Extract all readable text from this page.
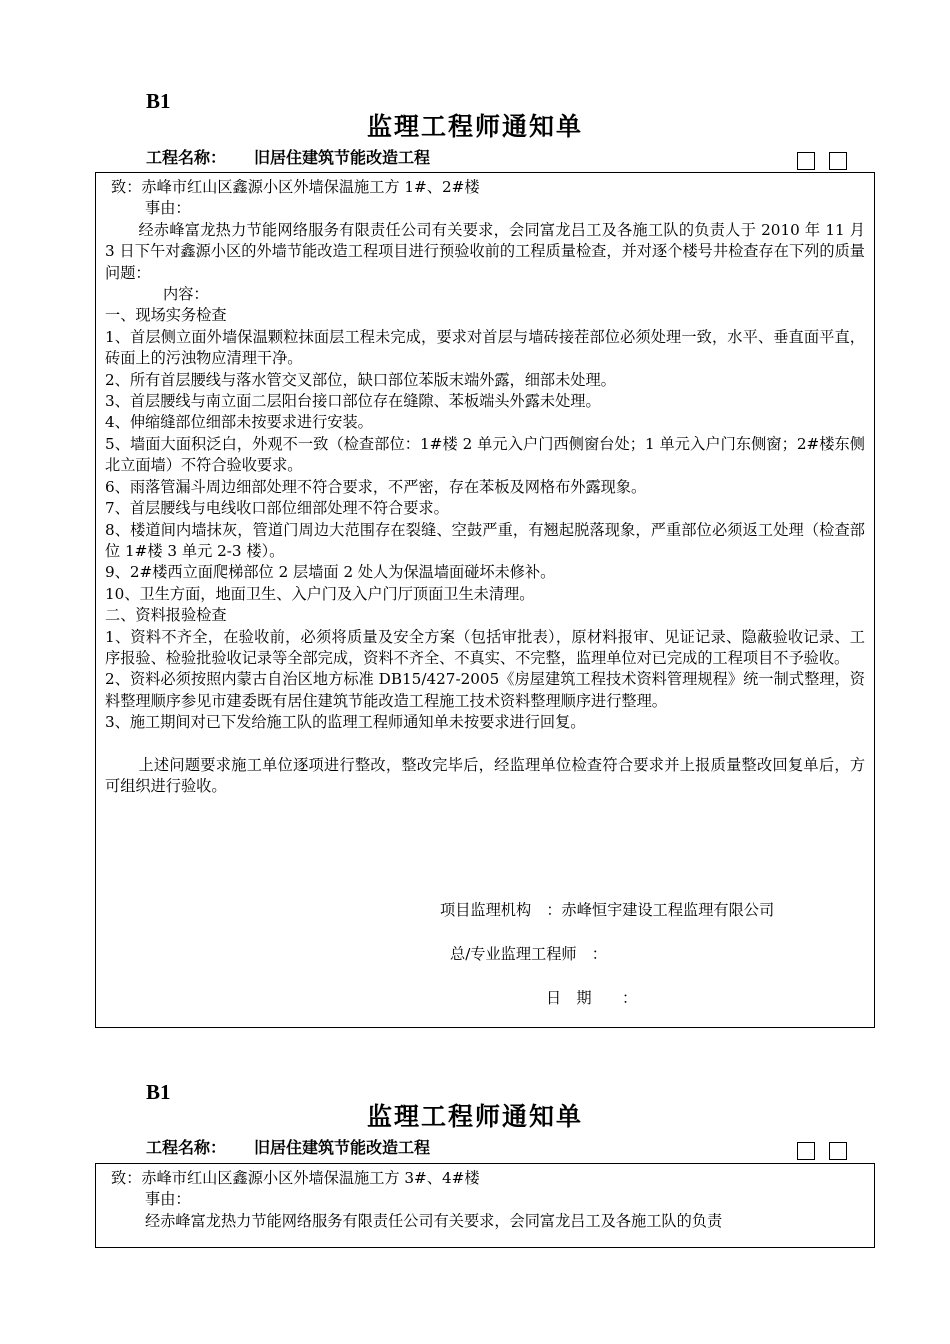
B1
监理工程师通知单
工程名称： 旧居住建筑节能改造工程

致：赤峰市红山区鑫源小区外墙保温施工方 1#、2#楼

事由：

经赤峰富龙热力节能网络服务有限责任公司有关要求，会同富龙吕工及各施工队的负责人于 2010 年 11 月 3 日下午对鑫源小区的外墙节能改造工程项目进行预验收前的工程质量检查，并对逐个楼号井检查存在下列的质量问题：

内容：

一、现场实务检查

1、首层侧立面外墙保温颗粒抹面层工程未完成，要求对首层与墙砖接茬部位必须处理一致，水平、垂直面平直，砖面上的污浊物应清理干净。

2、所有首层腰线与落水管交叉部位，缺口部位苯版末端外露，细部未处理。

3、首层腰线与南立面二层阳台接口部位存在缝隙、苯板端头外露未处理。

4、伸缩缝部位细部未按要求进行安装。

5、墙面大面积泛白，外观不一致（检查部位：1#楼 2 单元入户门西侧窗台处；1 单元入户门东侧窗；2#楼东侧北立面墙）不符合验收要求。

6、雨落管漏斗周边细部处理不符合要求，不严密，存在苯板及网格布外露现象。

7、首层腰线与电线收口部位细部处理不符合要求。

8、楼道间内墙抹灰，管道门周边大范围存在裂缝、空鼓严重，有翘起脱落现象，严重部位必须返工处理（检查部位 1#楼 3 单元 2-3 楼）。

9、2#楼西立面爬梯部位 2 层墙面 2 处人为保温墙面碰坏未修补。

10、卫生方面，地面卫生、入户门及入户门厅顶面卫生未清理。

二、资料报验检查

1、资料不齐全，在验收前，必须将质量及安全方案（包括审批表），原材料报审、见证记录、隐蔽验收记录、工序报验、检验批验收记录等全部完成，资料不齐全、不真实、不完整，监理单位对已完成的工程项目不予验收。

2、资料必须按照内蒙古自治区地方标准 DB15/427-2005《房屋建筑工程技术资料管理规程》统一制式整理，资料整理顺序参见市建委既有居住建筑节能改造工程施工技术资料整理顺序进行整理。

3、施工期间对已下发给施工队的监理工程师通知单未按要求进行回复。

上述问题要求施工单位逐项进行整改，整改完毕后，经监理单位检查符合要求并上报质量整改回复单后，方可组织进行验收。

项目监理机构　：赤峰恒宇建设工程监理有限公司
总/专业监理工程师　：
日　期　　：
B1
监理工程师通知单
工程名称： 旧居住建筑节能改造工程

致：赤峰市红山区鑫源小区外墙保温施工方 3#、4#楼

事由：

经赤峰富龙热力节能网络服务有限责任公司有关要求，会同富龙吕工及各施工队的负责
